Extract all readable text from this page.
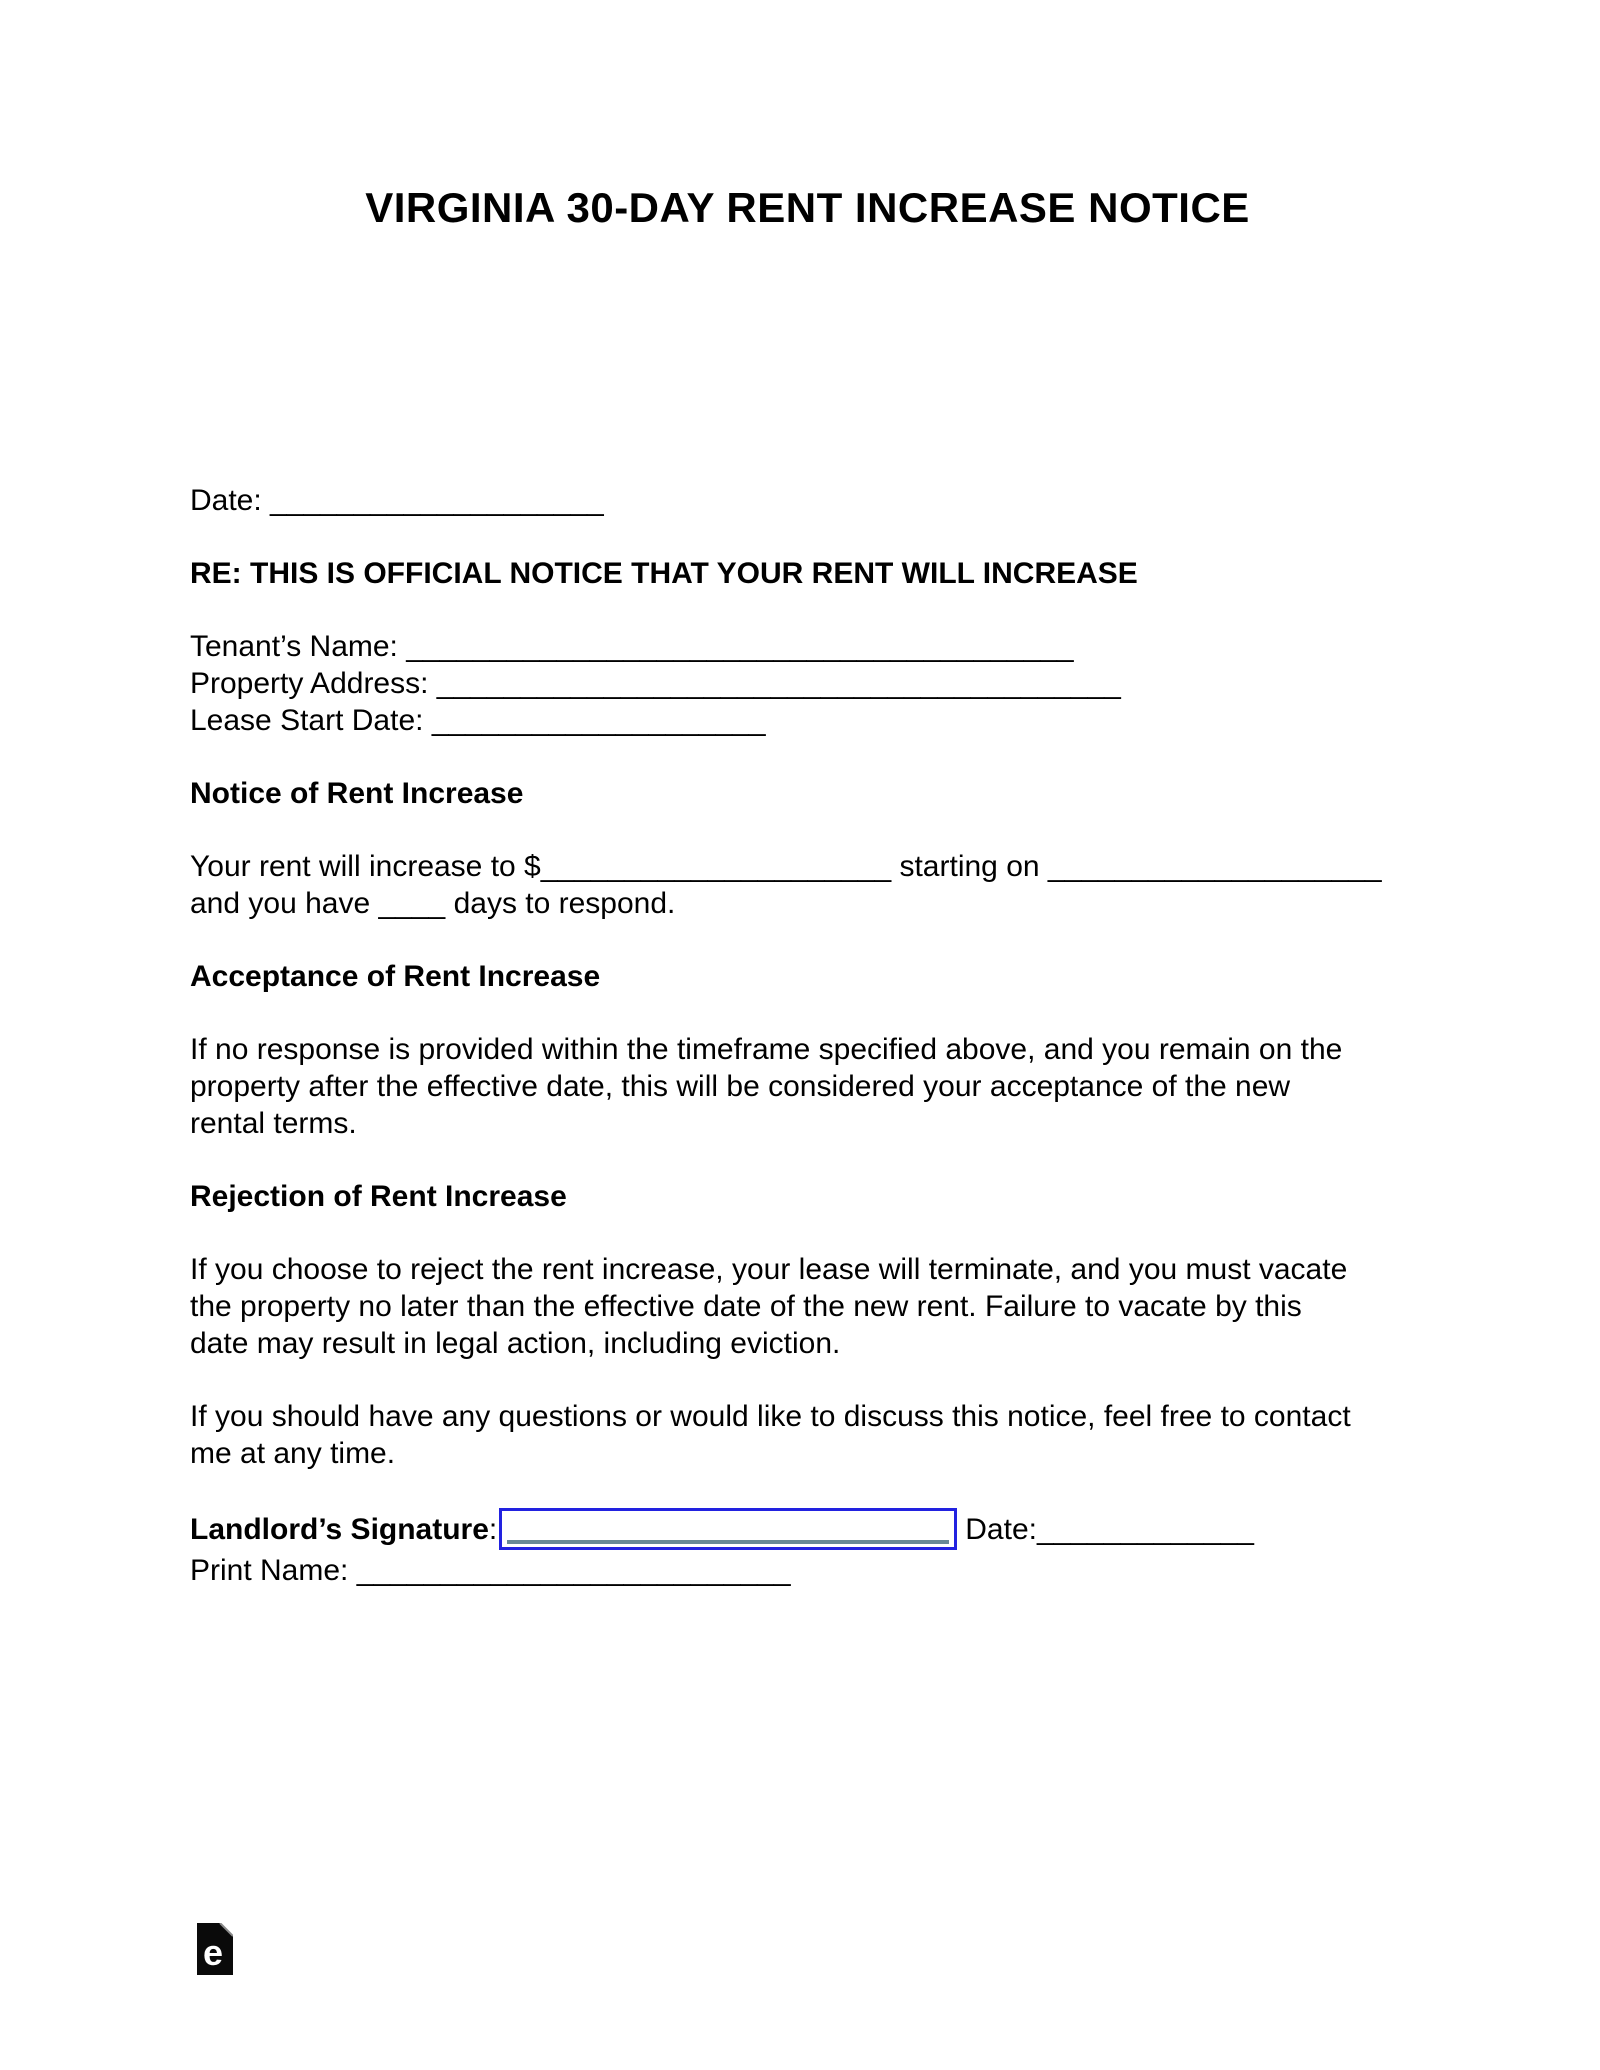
VIRGINIA 30-DAY RENT INCREASE NOTICE
Date: ____________________
RE: THIS IS OFFICIAL NOTICE THAT YOUR RENT WILL INCREASE
Tenant’s Name: ________________________________________
Property Address: _________________________________________
Lease Start Date: ____________________
Notice of Rent Increase
Your rent will increase to $_____________________ starting on ____________________
and you have ____ days to respond.
Acceptance of Rent Increase
If no response is provided within the timeframe specified above, and you remain on the
property after the effective date, this will be considered your acceptance of the new
rental terms.
Rejection of Rent Increase
If you choose to reject the rent increase, your lease will terminate, and you must vacate
the property no later than the effective date of the new rent. Failure to vacate by this
date may result in legal action, including eviction.
If you should have any questions or would like to discuss this notice, feel free to contact
me at any time.
Landlord’s Signature :	Date: _____________
Print Name: __________________________
e
